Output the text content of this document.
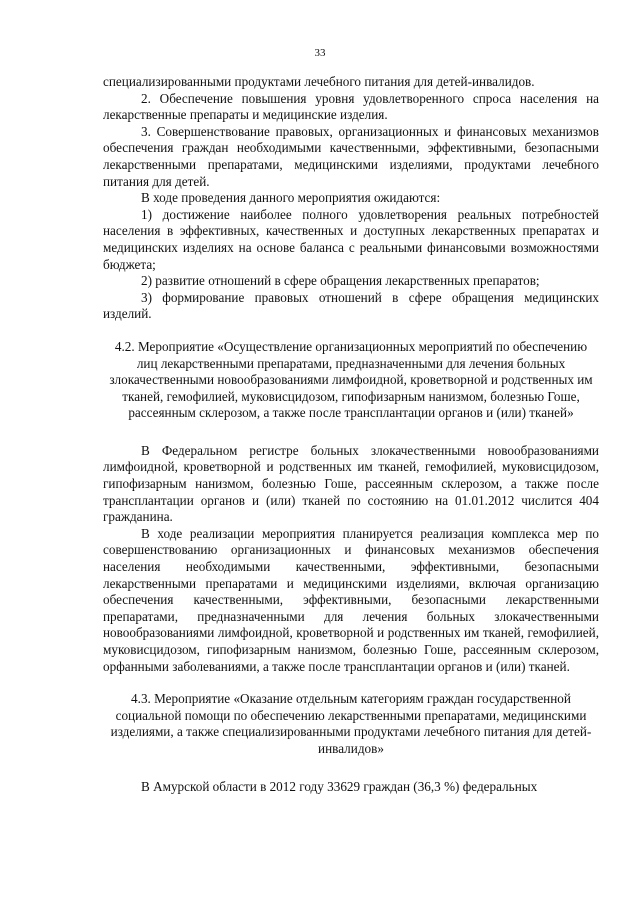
33

специализированными продуктами лечебного питания для детей-инвалидов.

2. Обеспечение повышения уровня удовлетворенного спроса населения на лекарственные препараты и медицинские изделия.

3. Совершенствование правовых, организационных и финансовых механизмов обеспечения граждан необходимыми качественными, эффективными, безопасными лекарственными препаратами, медицинскими изделиями, продуктами лечебного питания для детей.

В ходе проведения данного мероприятия ожидаются:

1) достижение наиболее полного удовлетворения реальных потребностей населения в эффективных, качественных и доступных лекарственных препаратах и медицинских изделиях на основе баланса с реальными финансовыми возможностями бюджета;

2) развитие отношений в сфере обращения лекарственных препаратов;

3) формирование правовых отношений в сфере обращения медицинских изделий.

4.2. Мероприятие «Осуществление организационных мероприятий по обеспечению лиц лекарственными препаратами, предназначенными для лечения больных злокачественными новообразованиями лимфоидной, кроветворной и родственных им тканей, гемофилией, муковисцидозом, гипофизарным нанизмом, болезнью Гоше, рассеянным склерозом, а также после трансплантации органов и (или) тканей»

В Федеральном регистре больных злокачественными новообразованиями лимфоидной, кроветворной и родственных им тканей, гемофилией, муковисцидозом, гипофизарным нанизмом, болезнью Гоше, рассеянным склерозом, а также после трансплантации органов и (или) тканей по состоянию на 01.01.2012 числится 404 гражданина.

В ходе реализации мероприятия планируется реализация комплекса мер по совершенствованию организационных и финансовых механизмов обеспечения населения необходимыми качественными, эффективными, безопасными лекарственными препаратами и медицинскими изделиями, включая организацию обеспечения качественными, эффективными, безопасными лекарственными препаратами, предназначенными для лечения больных злокачественными новообразованиями лимфоидной, кроветворной и родственных им тканей, гемофилией, муковисцидозом, гипофизарным нанизмом, болезнью Гоше, рассеянным склерозом, орфанными заболеваниями, а также после трансплантации органов и (или) тканей.

4.3. Мероприятие «Оказание отдельным категориям граждан государственной социальной помощи по обеспечению лекарственными препаратами, медицинскими изделиями, а также специализированными продуктами лечебного питания для детей-инвалидов»

В Амурской области в 2012 году 33629 граждан (36,3 %) федеральных
